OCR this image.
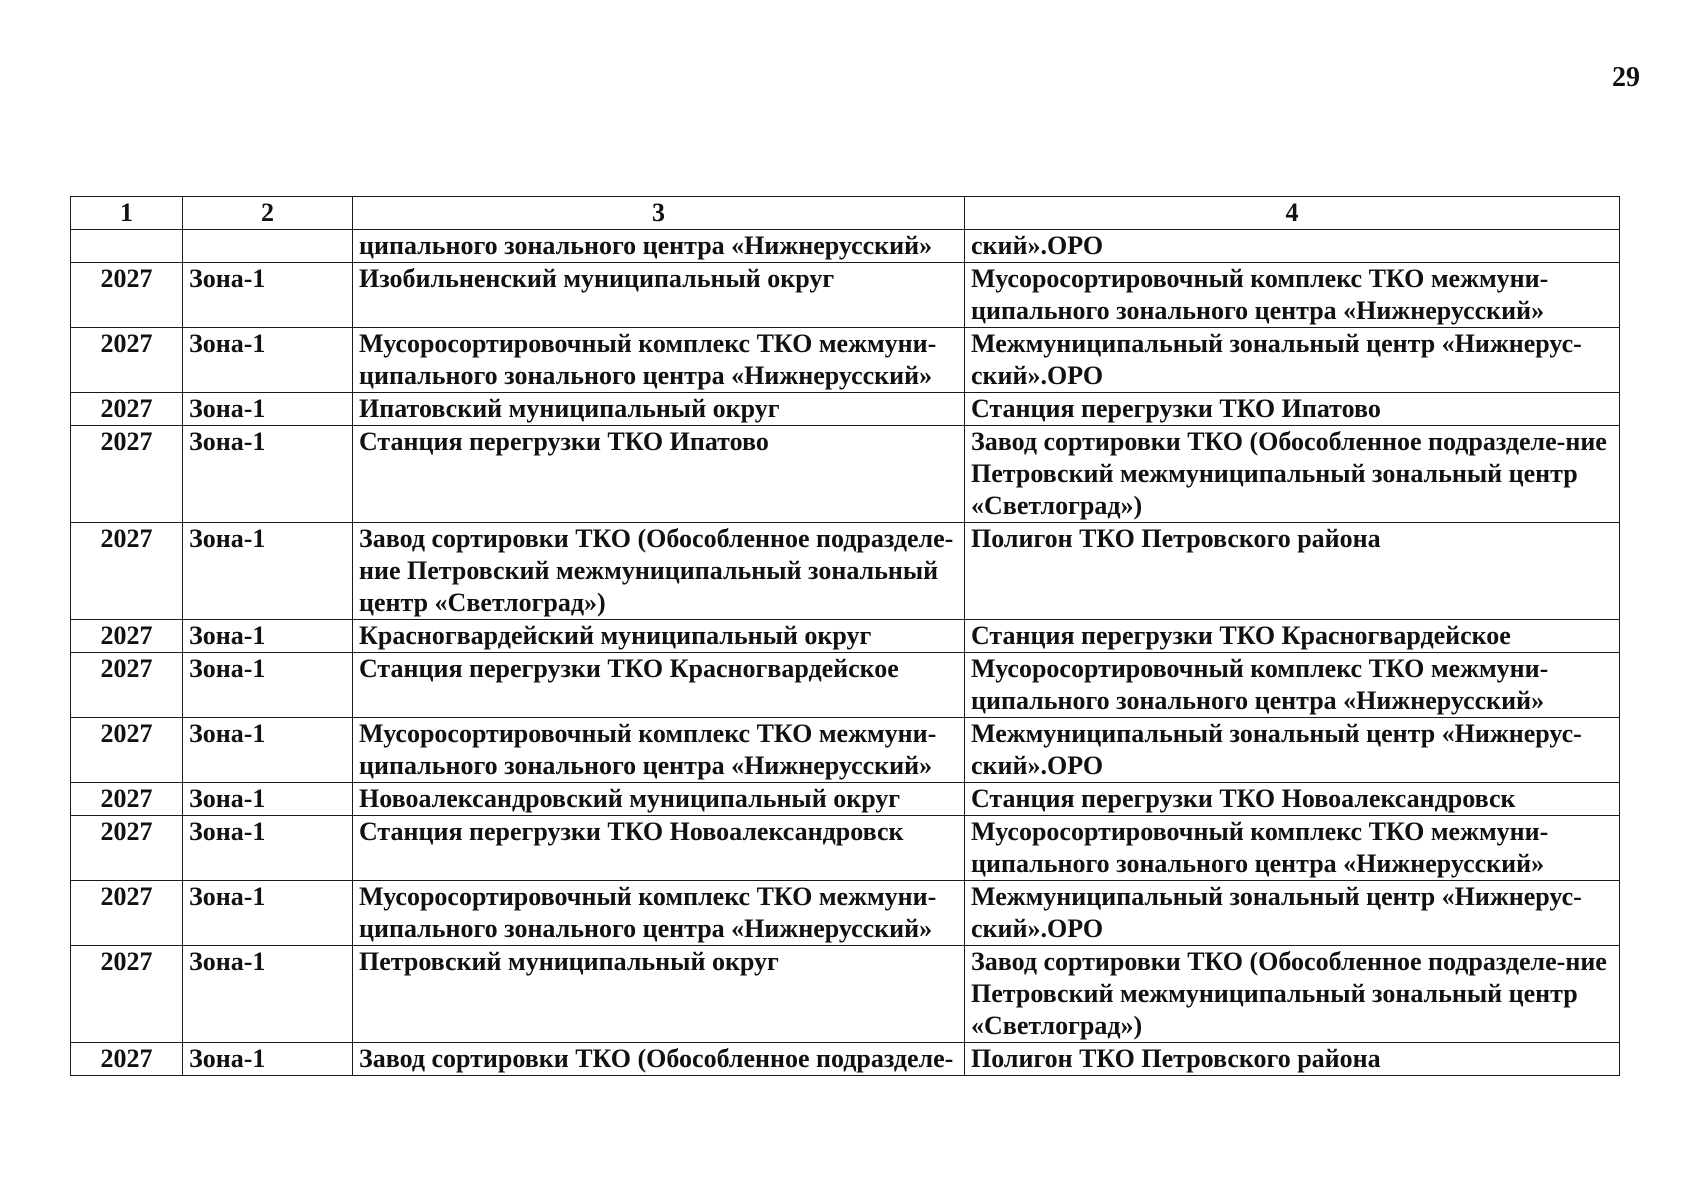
29
1	2	3	4
		ципального зонального центра «Нижнерусский»	ский».ОРО
2027	Зона-1	Изобильненский муниципальный округ	Мусоросортировочный комплекс ТКО межмуни-ципального зонального центра «Нижнерусский»
2027	Зона-1	Мусоросортировочный комплекс ТКО межмуни-ципального зонального центра «Нижнерусский»	Межмуниципальный зональный центр «Нижнерус-ский».ОРО
2027	Зона-1	Ипатовский муниципальный округ	Станция перегрузки ТКО Ипатово
2027	Зона-1	Станция перегрузки ТКО Ипатово	Завод сортировки ТКО (Обособленное подразделе-ние Петровский межмуниципальный зональный центр «Светлоград»)
2027	Зона-1	Завод сортировки ТКО (Обособленное подразделе-ние Петровский межмуниципальный зональный центр «Светлоград»)	Полигон ТКО Петровского района
2027	Зона-1	Красногвардейский муниципальный округ	Станция перегрузки ТКО Красногвардейское
2027	Зона-1	Станция перегрузки ТКО Красногвардейское	Мусоросортировочный комплекс ТКО межмуни-ципального зонального центра «Нижнерусский»
2027	Зона-1	Мусоросортировочный комплекс ТКО межмуни-ципального зонального центра «Нижнерусский»	Межмуниципальный зональный центр «Нижнерус-ский».ОРО
2027	Зона-1	Новоалександровский муниципальный округ	Станция перегрузки ТКО Новоалександровск
2027	Зона-1	Станция перегрузки ТКО Новоалександровск	Мусоросортировочный комплекс ТКО межмуни-ципального зонального центра «Нижнерусский»
2027	Зона-1	Мусоросортировочный комплекс ТКО межмуни-ципального зонального центра «Нижнерусский»	Межмуниципальный зональный центр «Нижнерус-ский».ОРО
2027	Зона-1	Петровский муниципальный округ	Завод сортировки ТКО (Обособленное подразделе-ние Петровский межмуниципальный зональный центр «Светлоград»)
2027	Зона-1	Завод сортировки ТКО (Обособленное подразделе-	Полигон ТКО Петровского района
